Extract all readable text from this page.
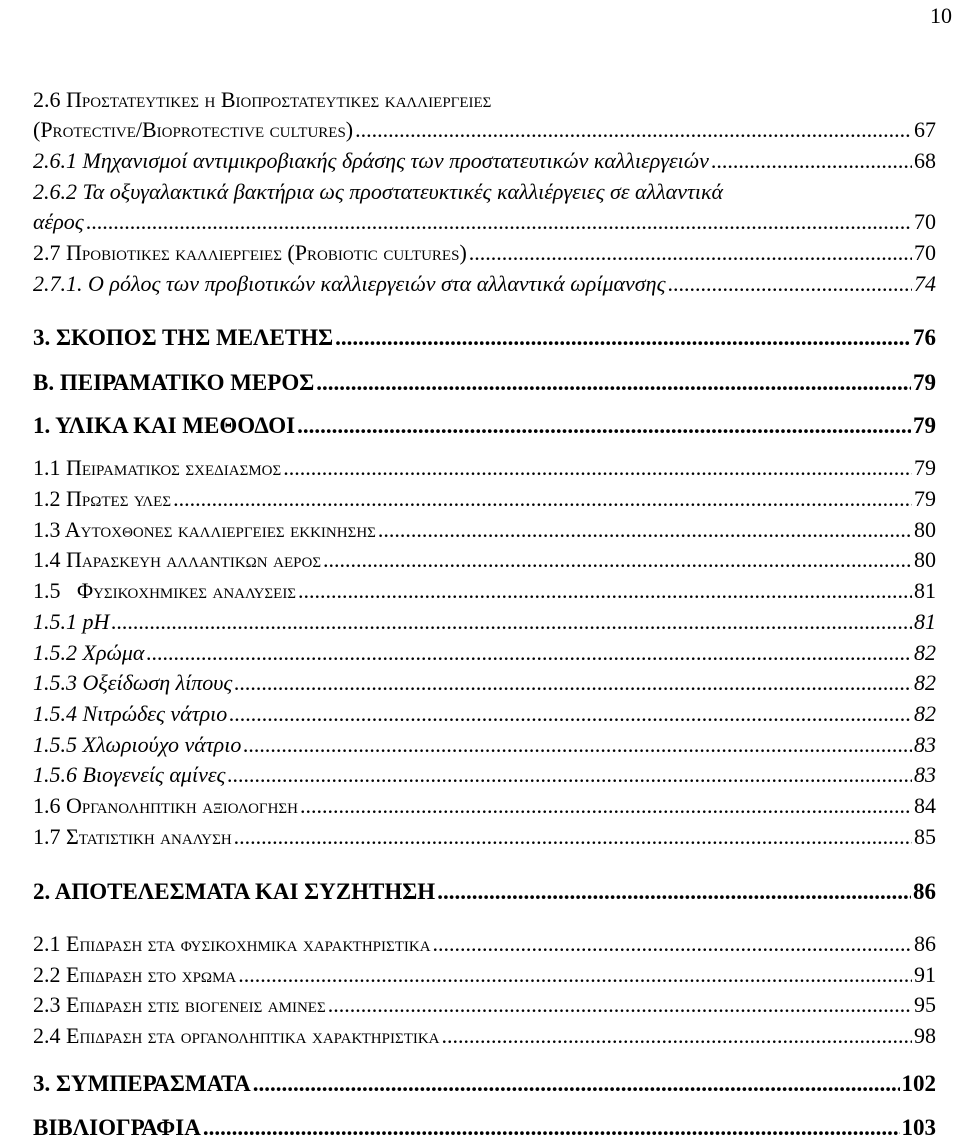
10
2.6 Προστατευτικες η Βιοπροστατευτικες καλλιεργειες
(Protective/Bioprotective cultures) .....	67
2.6.1 Μηχανισμοί αντιμικροβιακής δράσης των προστατευτικών καλλιεργειών .....	68
2.6.2 Τα οξυγαλακτικά βακτήρια ως προστατευκτικές καλλιέργειες σε αλλαντικά
αέρος .....	70
2.7 Προβιοτικες καλλιεργειες (Probiotic cultures) .....	70
2.7.1. Ο ρόλος των προβιοτικών καλλιεργειών στα αλλαντικά ωρίμανσης .....	74
3. ΣΚΟΠΟΣ ΤΗΣ ΜΕΛΕΤΗΣ .....	76
Β. ΠΕΙΡΑΜΑΤΙΚΟ ΜΕΡΟΣ .....	79
1. ΥΛΙΚΑ ΚΑΙ ΜΕΘΟΔΟΙ .....	79
1.1 Πειραματικος σχεδιασμος .....	79
1.2 Πρωτες υλες .....	79
1.3 Αυτοχθονες καλλιεργειες εκκινησης .....	80
1.4 Παρασκευη αλλαντικων αερος .....	80
1.5   Φυσικοχημικες αναλυσεις .....	81
1.5.1 pH .....	81
1.5.2 Χρώμα .....	82
1.5.3 Οξείδωση λίπους .....	82
1.5.4 Νιτρώδες νάτριο .....	82
1.5.5 Χλωριούχο νάτριο .....	83
1.5.6 Βιογενείς αμίνες .....	83
1.6 Οργανοληπτικη αξιολογηση .....	84
1.7 Στατιστικη αναλυση .....	85
2. ΑΠΟΤΕΛΕΣΜΑΤΑ ΚΑΙ ΣΥΖΗΤΗΣΗ .....	86
2.1 Επιδραση στα φυσικοχημικα χαρακτηριστικα .....	86
2.2 Επιδραση στο χρωμα .....	91
2.3 Επιδραση στις βιογενεις αμινες .....	95
2.4 Επιδραση στα οργανοληπτικα χαρακτηριστικα .....	98
3. ΣΥΜΠΕΡΑΣΜΑΤΑ .....	102
ΒΙΒΛΙΟΓΡΑΦΙΑ .....	103
